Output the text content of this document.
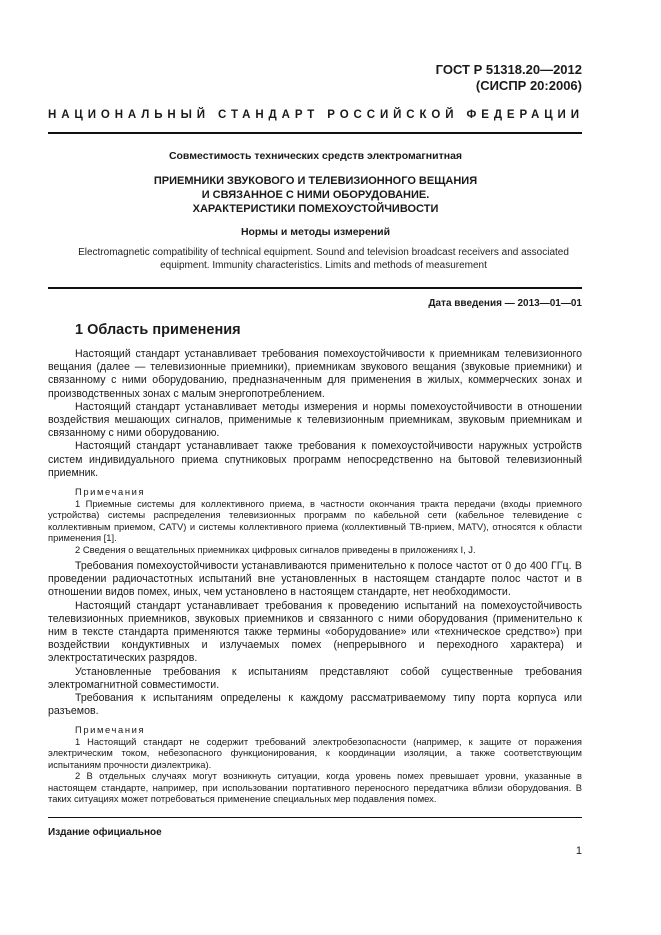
ГОСТ Р 51318.20—2012
(СИСПР 20:2006)
НАЦИОНАЛЬНЫЙ СТАНДАРТ РОССИЙСКОЙ ФЕДЕРАЦИИ
Совместимость технических средств электромагнитная
ПРИЕМНИКИ ЗВУКОВОГО И ТЕЛЕВИЗИОННОГО ВЕЩАНИЯ
И СВЯЗАННОЕ С НИМИ ОБОРУДОВАНИЕ.
ХАРАКТЕРИСТИКИ ПОМЕХОУСТОЙЧИВОСТИ
Нормы и методы измерений
Electromagnetic compatibility of technical equipment. Sound and television broadcast receivers and associated equipment. Immunity characteristics. Limits and methods of measurement
Дата введения — 2013—01—01
1 Область применения

Настоящий стандарт устанавливает требования помехоустойчивости к приемникам телевизионного вещания (далее — телевизионные приемники), приемникам звукового вещания (звуковые приемники) и связанному с ними оборудованию, предназначенным для применения в жилых, коммерческих зонах и производственных зонах с малым энергопотреблением.

Настоящий стандарт устанавливает методы измерения и нормы помехоустойчивости в отношении воздействия мешающих сигналов, применимые к телевизионным приемникам, звуковым приемникам и связанному с ними оборудованию.

Настоящий стандарт устанавливает также требования к помехоустойчивости наружных устройств систем индивидуального приема спутниковых программ непосредственно на бытовой телевизионный приемник.

Примечания

1 Приемные системы для коллективного приема, в частности окончания тракта передачи (входы приемного устройства) системы распределения телевизионных программ по кабельной сети (кабельное телевидение с коллективным приемом, CATV) и системы коллективного приема (коллективный ТВ-прием, MATV), относятся к области применения [1].

2 Сведения о вещательных приемниках цифровых сигналов приведены в приложениях I, J.

Требования помехоустойчивости устанавливаются применительно к полосе частот от 0 до 400 ГГц. В проведении радиочастотных испытаний вне установленных в настоящем стандарте полос частот и в отношении видов помех, иных, чем установлено в настоящем стандарте, нет необходимости.

Настоящий стандарт устанавливает требования к проведению испытаний на помехоустойчивость телевизионных приемников, звуковых приемников и связанного с ними оборудования (применительно к ним в тексте стандарта применяются также термины «оборудование» или «техническое средство») при воздействии кондуктивных и излучаемых помех (непрерывного и переходного характера) и электростатических разрядов.

Установленные требования к испытаниям представляют собой существенные требования электромагнитной совместимости.

Требования к испытаниям определены к каждому рассматриваемому типу порта корпуса или разъемов.

Примечания

1 Настоящий стандарт не содержит требований электробезопасности (например, к защите от поражения электрическим током, небезопасного функционирования, к координации изоляции, а также соответствующим испытаниям прочности диэлектрика).

2 В отдельных случаях могут возникнуть ситуации, когда уровень помех превышает уровни, указанные в настоящем стандарте, например, при использовании портативного переносного передатчика вблизи оборудования. В таких ситуациях может потребоваться применение специальных мер подавления помех.

Издание официальное
1
